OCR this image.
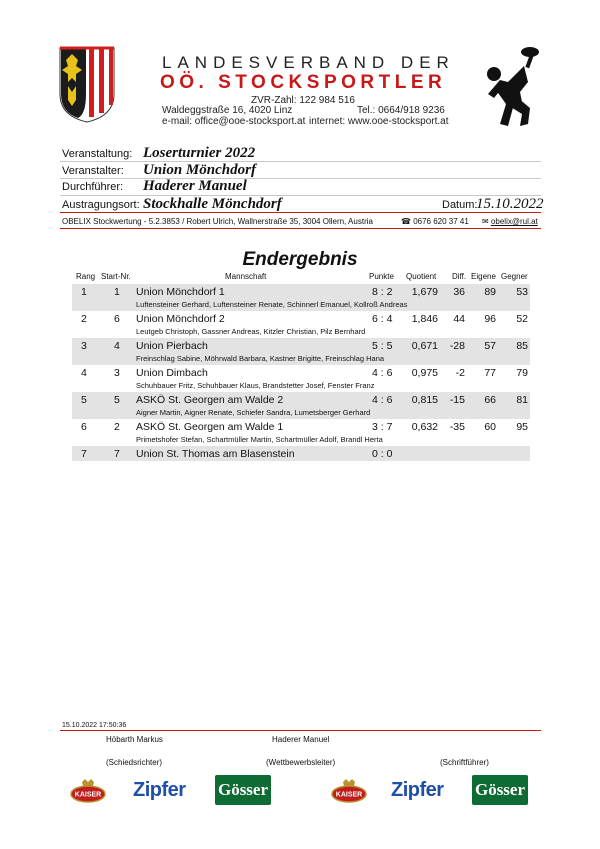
LANDESVERBAND DER
OÖ. STOCKSPORTLER
ZVR-Zahl: 122 984 516
Waldeggstraße 16, 4020 Linz	Tel.: 0664/918 9236
e-mail: office@ooe-stocksport.at internet: www.ooe-stocksport.at
Veranstaltung: Loserturnier 2022
Veranstalter: Union Mönchdorf
Durchführer: Haderer Manuel
Austragungsort: Stockhalle Mönchdorf	Datum:
15.10.2022
OBELIX Stockwertung - 5.2.3853 / Robert Ulrich, Wallnerstraße 35, 3004 Ollern, Austria	☎ 0676 620 37 41 ✉ obelix@rul.at
Endergebnis
Rang Start-Nr.	Mannschaft	Punkte Quotient Diff. Eigene Gegner
1	1 Union Mönchdorf 1	8 : 2 1,679 36 89 53
Luftensteiner Gerhard, Luftensteiner Renate, Schinnerl Emanuel, Kollroß Andreas
2	6 Union Mönchdorf 2	6 : 4 1,846 44 96 52
Leutgeb Christoph, Gassner Andreas, Kitzler Christian, Pilz Bernhard
3	4 Union Pierbach	5 : 5 0,671 -28 57 85
Freinschlag Sabine, Möhrwald Barbara, Kastner Brigitte, Freinschlag Hana
4	3 Union Dimbach	4 : 6 0,975 -2 77 79
Schuhbauer Fritz, Schuhbauer Klaus, Brandstetter Josef, Fenster Franz
5	5 ASKÖ St. Georgen am Walde 2	4 : 6 0,815 -15 66 81
Aigner Martin, Aigner Renate, Schiefer Sandra, Lumetsberger Gerhard
6	2 ASKÖ St. Georgen am Walde 1	3 : 7 0,632 -35 60 95
Primetshofer Stefan, Schartmüller Martin, Schartmüller Adolf, Brandl Herta
7	7 Union St. Thomas am Blasenstein	0 : 0
15.10.2022 17:50:36
Höbarth Markus	Haderer Manuel
(Schiedsrichter)	(Wettbewerbsleiter)	(Schriftführer)
KAISER Zipfer Gösser	KAISER Zipfer Gösser
